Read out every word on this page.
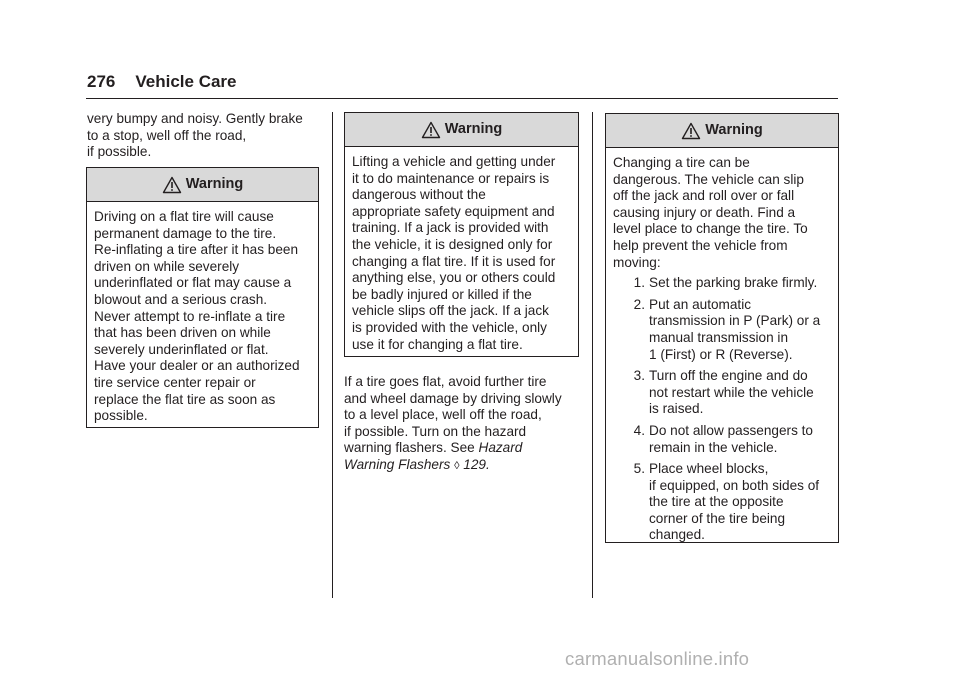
276 Vehicle Care
very bumpy and noisy. Gently brake
to a stop, well off the road,
if possible.
Warning
Driving on a flat tire will cause
permanent damage to the tire.
Re-inflating a tire after it has been
driven on while severely
underinflated or flat may cause a
blowout and a serious crash.
Never attempt to re-inflate a tire
that has been driven on while
severely underinflated or flat.
Have your dealer or an authorized
tire service center repair or
replace the flat tire as soon as
possible.
Warning
Lifting a vehicle and getting under
it to do maintenance or repairs is
dangerous without the
appropriate safety equipment and
training. If a jack is provided with
the vehicle, it is designed only for
changing a flat tire. If it is used for
anything else, you or others could
be badly injured or killed if the
vehicle slips off the jack. If a jack
is provided with the vehicle, only
use it for changing a flat tire.
If a tire goes flat, avoid further tire
and wheel damage by driving slowly
to a level place, well off the road,
if possible. Turn on the hazard
warning flashers. See Hazard
Warning Flashers ◊ 129.
Warning
Changing a tire can be
dangerous. The vehicle can slip
off the jack and roll over or fall
causing injury or death. Find a
level place to change the tire. To
help prevent the vehicle from
moving:
1. Set the parking brake firmly.
2. Put an automatic
transmission in P (Park) or a
manual transmission in
1 (First) or R (Reverse).
3. Turn off the engine and do
not restart while the vehicle
is raised.
4. Do not allow passengers to
remain in the vehicle.
5. Place wheel blocks,
if equipped, on both sides of
the tire at the opposite
corner of the tire being
changed.
carmanualsonline.info
